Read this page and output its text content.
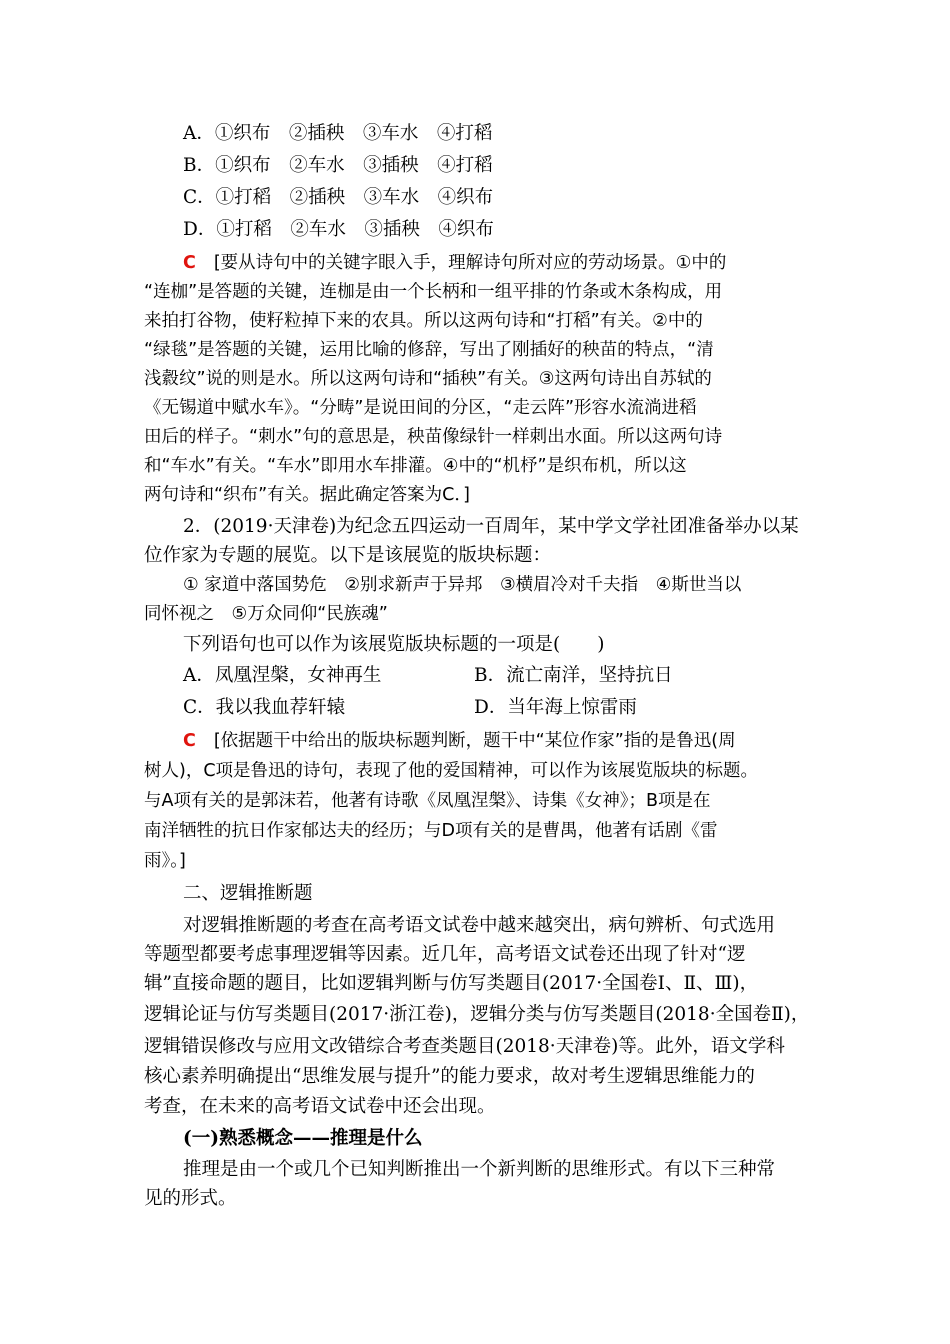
A．①织布　②插秧　③车水　④打稻
B．①织布　②车水　③插秧　④打稻
C．①打稻　②插秧　③车水　④织布
D．①打稻　②车水　③插秧　④织布
C [要从诗句中的关键字眼入手，理解诗句所对应的劳动场景。①中的
“连枷”是答题的关键，连枷是由一个长柄和一组平排的竹条或木条构成，用
来拍打谷物，使籽粒掉下来的农具。所以这两句诗和“打稻”有关。②中的
“绿毯”是答题的关键，运用比喻的修辞，写出了刚插好的秧苗的特点，“清
浅縠纹”说的则是水。所以这两句诗和“插秧”有关。③这两句诗出自苏轼的
《无锡道中赋水车》。“分畴”是说田间的分区，“走云阵”形容水流淌进稻
田后的样子。“刺水”句的意思是，秧苗像绿针一样刺出水面。所以这两句诗
和“车水”有关。“车水”即用水车排灌。④中的“机杼”是织布机，所以这
两句诗和“织布”有关。据此确定答案为C．]
2．(2019·天津卷)为纪念五四运动一百周年，某中学文学社团准备举办以某
位作家为专题的展览。以下是该展览的版块标题：
① 家道中落国势危　②别求新声于异邦　③横眉冷对千夫指　④斯世当以
同怀视之　⑤万众同仰“民族魂”
下列语句也可以作为该展览版块标题的一项是(　　)
A．凤凰涅槃，女神再生	B．流亡南洋，坚持抗日
C．我以我血荐轩辕	D．当年海上惊雷雨
C [依据题干中给出的版块标题判断，题干中“某位作家”指的是鲁迅(周
树人)，C项是鲁迅的诗句，表现了他的爱国精神，可以作为该展览版块的标题。
与A项有关的是郭沫若，他著有诗歌《凤凰涅槃》、诗集《女神》；B项是在
南洋牺牲的抗日作家郁达夫的经历；与D项有关的是曹禺，他著有话剧《雷
雨》。]
二、逻辑推断题
对逻辑推断题的考查在高考语文试卷中越来越突出，病句辨析、句式选用
等题型都要考虑事理逻辑等因素。近几年，高考语文试卷还出现了针对“逻
辑”直接命题的题目，比如逻辑判断与仿写类题目(2017·全国卷Ⅰ、Ⅱ、Ⅲ)，
逻辑论证与仿写类题目(2017·浙江卷)，逻辑分类与仿写类题目(2018·全国卷Ⅱ)，
逻辑错误修改与应用文改错综合考查类题目(2018·天津卷)等。此外，语文学科
核心素养明确提出“思维发展与提升”的能力要求，故对考生逻辑思维能力的
考查，在未来的高考语文试卷中还会出现。
(一)熟悉概念——推理是什么
推理是由一个或几个已知判断推出一个新判断的思维形式。有以下三种常
见的形式。
